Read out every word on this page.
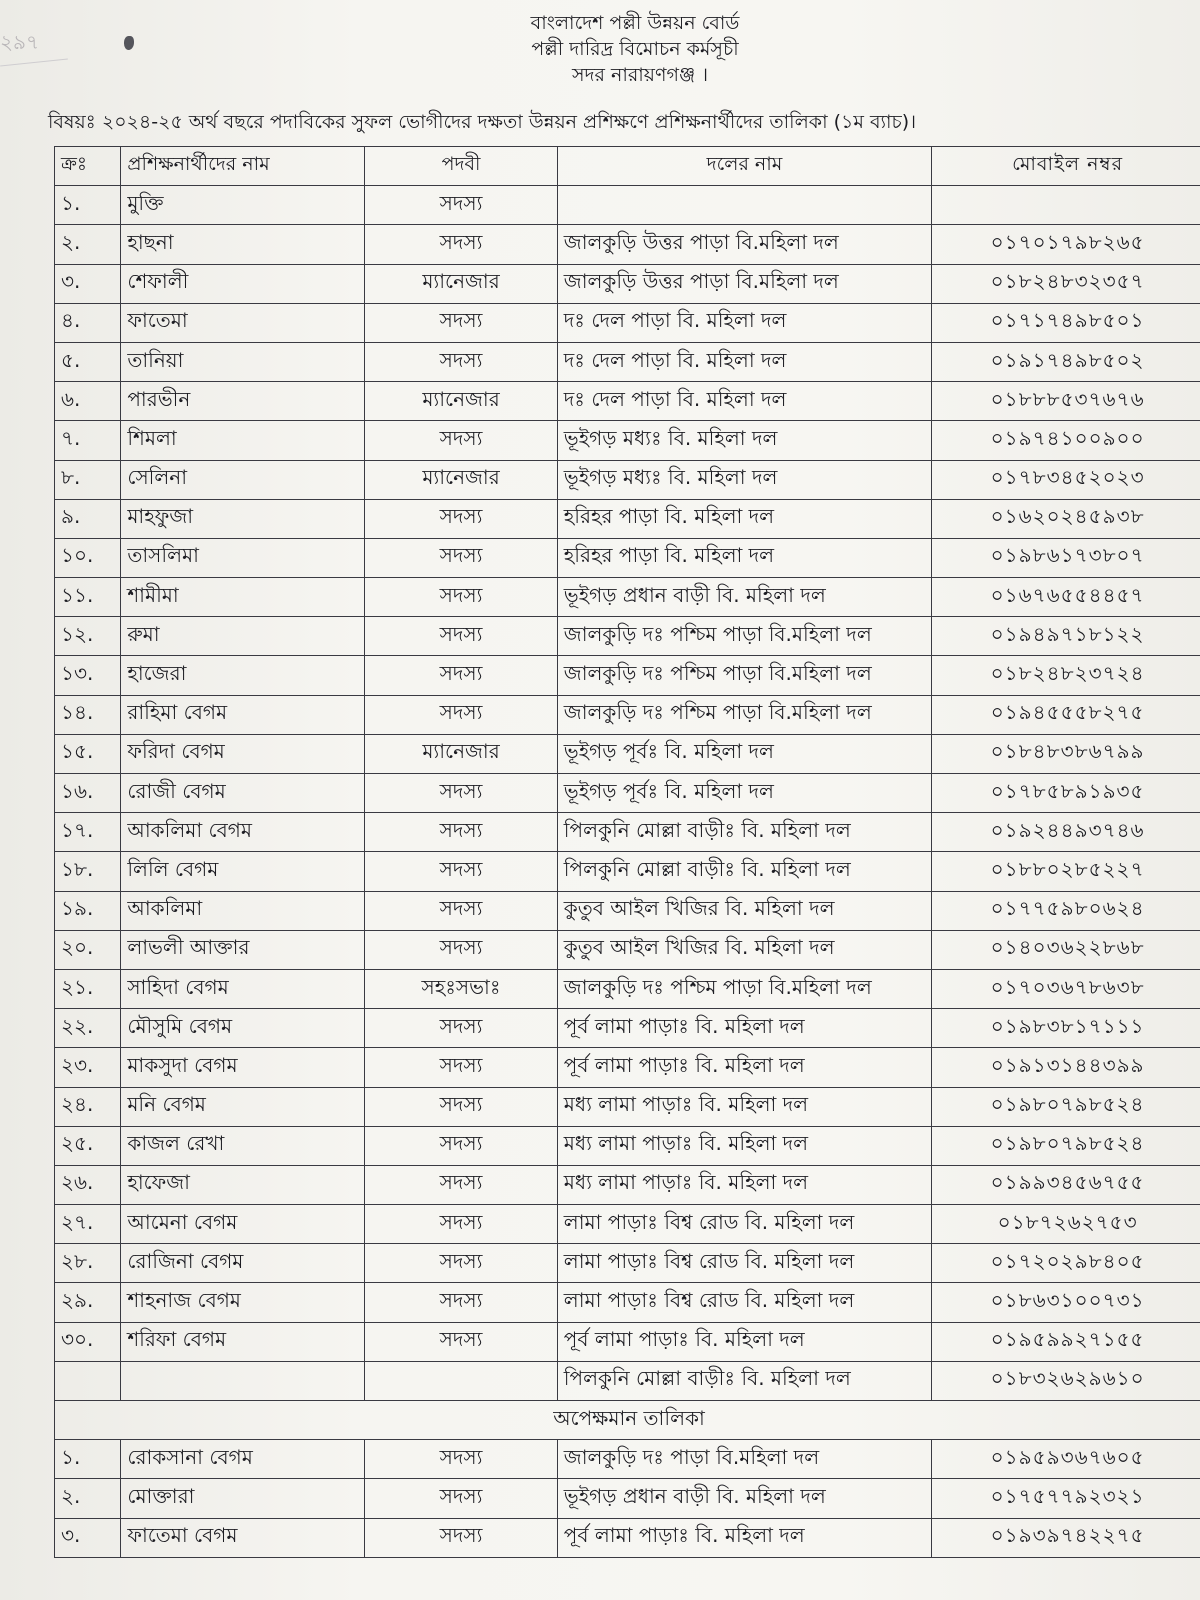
২৯৭
বাংলাদেশ পল্লী উন্নয়ন বোর্ড
পল্লী দারিদ্র বিমোচন কর্মসূচী
সদর নারায়ণগঞ্জ ।
বিষয়ঃ ২০২৪-২৫ অর্থ বছরে পদাবিকের সুফল ভোগীদের দক্ষতা উন্নয়ন প্রশিক্ষণে প্রশিক্ষনার্থীদের তালিকা (১ম ব্যাচ)।
ক্রঃ	প্রশিক্ষনার্থীদের নাম	পদবী	দলের নাম	মোবাইল নম্বর
১.	মুক্তি	সদস্য		
২.	হাছনা	সদস্য	জালকুড়ি উত্তর পাড়া বি.মহিলা দল	০১৭০১৭৯৮২৬৫
৩.	শেফালী	ম্যানেজার	জালকুড়ি উত্তর পাড়া বি.মহিলা দল	০১৮২৪৮৩২৩৫৭
৪.	ফাতেমা	সদস্য	দঃ দেল পাড়া বি. মহিলা দল	০১৭১৭৪৯৮৫০১
৫.	তানিয়া	সদস্য	দঃ দেল পাড়া বি. মহিলা দল	০১৯১৭৪৯৮৫০২
৬.	পারভীন	ম্যানেজার	দঃ দেল পাড়া বি. মহিলা দল	০১৮৮৮৫৩৭৬৭৬
৭.	শিমলা	সদস্য	ভূইগড় মধ্যঃ বি. মহিলা দল	০১৯৭৪১০০৯০০
৮.	সেলিনা	ম্যানেজার	ভূইগড় মধ্যঃ বি. মহিলা দল	০১৭৮৩৪৫২০২৩
৯.	মাহফুজা	সদস্য	হরিহর পাড়া বি. মহিলা দল	০১৬২০২৪৫৯৩৮
১০.	তাসলিমা	সদস্য	হরিহর পাড়া বি. মহিলা দল	০১৯৮৬১৭৩৮০৭
১১.	শামীমা	সদস্য	ভূইগড় প্রধান বাড়ী বি. মহিলা দল	০১৬৭৬৫৫৪৪৫৭
১২.	রুমা	সদস্য	জালকুড়ি দঃ পশ্চিম পাড়া বি.মহিলা দল	০১৯৪৯৭১৮১২২
১৩.	হাজেরা	সদস্য	জালকুড়ি দঃ পশ্চিম পাড়া বি.মহিলা দল	০১৮২৪৮২৩৭২৪
১৪.	রাহিমা বেগম	সদস্য	জালকুড়ি দঃ পশ্চিম পাড়া বি.মহিলা দল	০১৯৪৫৫৫৮২৭৫
১৫.	ফরিদা বেগম	ম্যানেজার	ভূইগড় পূর্বঃ বি. মহিলা দল	০১৮৪৮৩৮৬৭৯৯
১৬.	রোজী বেগম	সদস্য	ভূইগড় পূর্বঃ বি. মহিলা দল	০১৭৮৫৮৯১৯৩৫
১৭.	আকলিমা বেগম	সদস্য	পিলকুনি মোল্লা বাড়ীঃ বি. মহিলা দল	০১৯২৪৪৯৩৭৪৬
১৮.	লিলি বেগম	সদস্য	পিলকুনি মোল্লা বাড়ীঃ বি. মহিলা দল	০১৮৮০২৮৫২২৭
১৯.	আকলিমা	সদস্য	কুতুব আইল খিজির বি. মহিলা দল	০১৭৭৫৯৮০৬২৪
২০.	লাভলী আক্তার	সদস্য	কুতুব আইল খিজির বি. মহিলা দল	০১৪০৩৬২২৮৬৮
২১.	সাহিদা বেগম	সহঃসভাঃ	জালকুড়ি দঃ পশ্চিম পাড়া বি.মহিলা দল	০১৭০৩৬৭৮৬৩৮
২২.	মৌসুমি বেগম	সদস্য	পূর্ব লামা পাড়াঃ বি. মহিলা দল	০১৯৮৩৮১৭১১১
২৩.	মাকসুদা বেগম	সদস্য	পূর্ব লামা পাড়াঃ বি. মহিলা দল	০১৯১৩১৪৪৩৯৯
২৪.	মনি বেগম	সদস্য	মধ্য লামা পাড়াঃ বি. মহিলা দল	০১৯৮০৭৯৮৫২৪
২৫.	কাজল রেখা	সদস্য	মধ্য লামা পাড়াঃ বি. মহিলা দল	০১৯৮০৭৯৮৫২৪
২৬.	হাফেজা	সদস্য	মধ্য লামা পাড়াঃ বি. মহিলা দল	০১৯৯৩৪৫৬৭৫৫
২৭.	আমেনা বেগম	সদস্য	লামা পাড়াঃ বিশ্ব রোড বি. মহিলা দল	০১৮৭২৬২৭৫৩
২৮.	রোজিনা বেগম	সদস্য	লামা পাড়াঃ বিশ্ব রোড বি. মহিলা দল	০১৭২০২৯৮৪০৫
২৯.	শাহনাজ বেগম	সদস্য	লামা পাড়াঃ বিশ্ব রোড বি. মহিলা দল	০১৮৬৩১০০৭৩১
৩০.	শরিফা বেগম	সদস্য	পূর্ব লামা পাড়াঃ বি. মহিলা দল	০১৯৫৯৯২৭১৫৫
			পিলকুনি মোল্লা বাড়ীঃ বি. মহিলা দল	০১৮৩২৬২৯৬১০
অপেক্ষমান তালিকা				
১.	রোকসানা বেগম	সদস্য	জালকুড়ি দঃ পাড়া বি.মহিলা দল	০১৯৫৯৩৬৭৬০৫
২.	মোক্তারা	সদস্য	ভূইগড় প্রধান বাড়ী বি. মহিলা দল	০১৭৫৭৭৯২৩২১
৩.	ফাতেমা বেগম	সদস্য	পূর্ব লামা পাড়াঃ বি. মহিলা দল	০১৯৩৯৭৪২২৭৫
